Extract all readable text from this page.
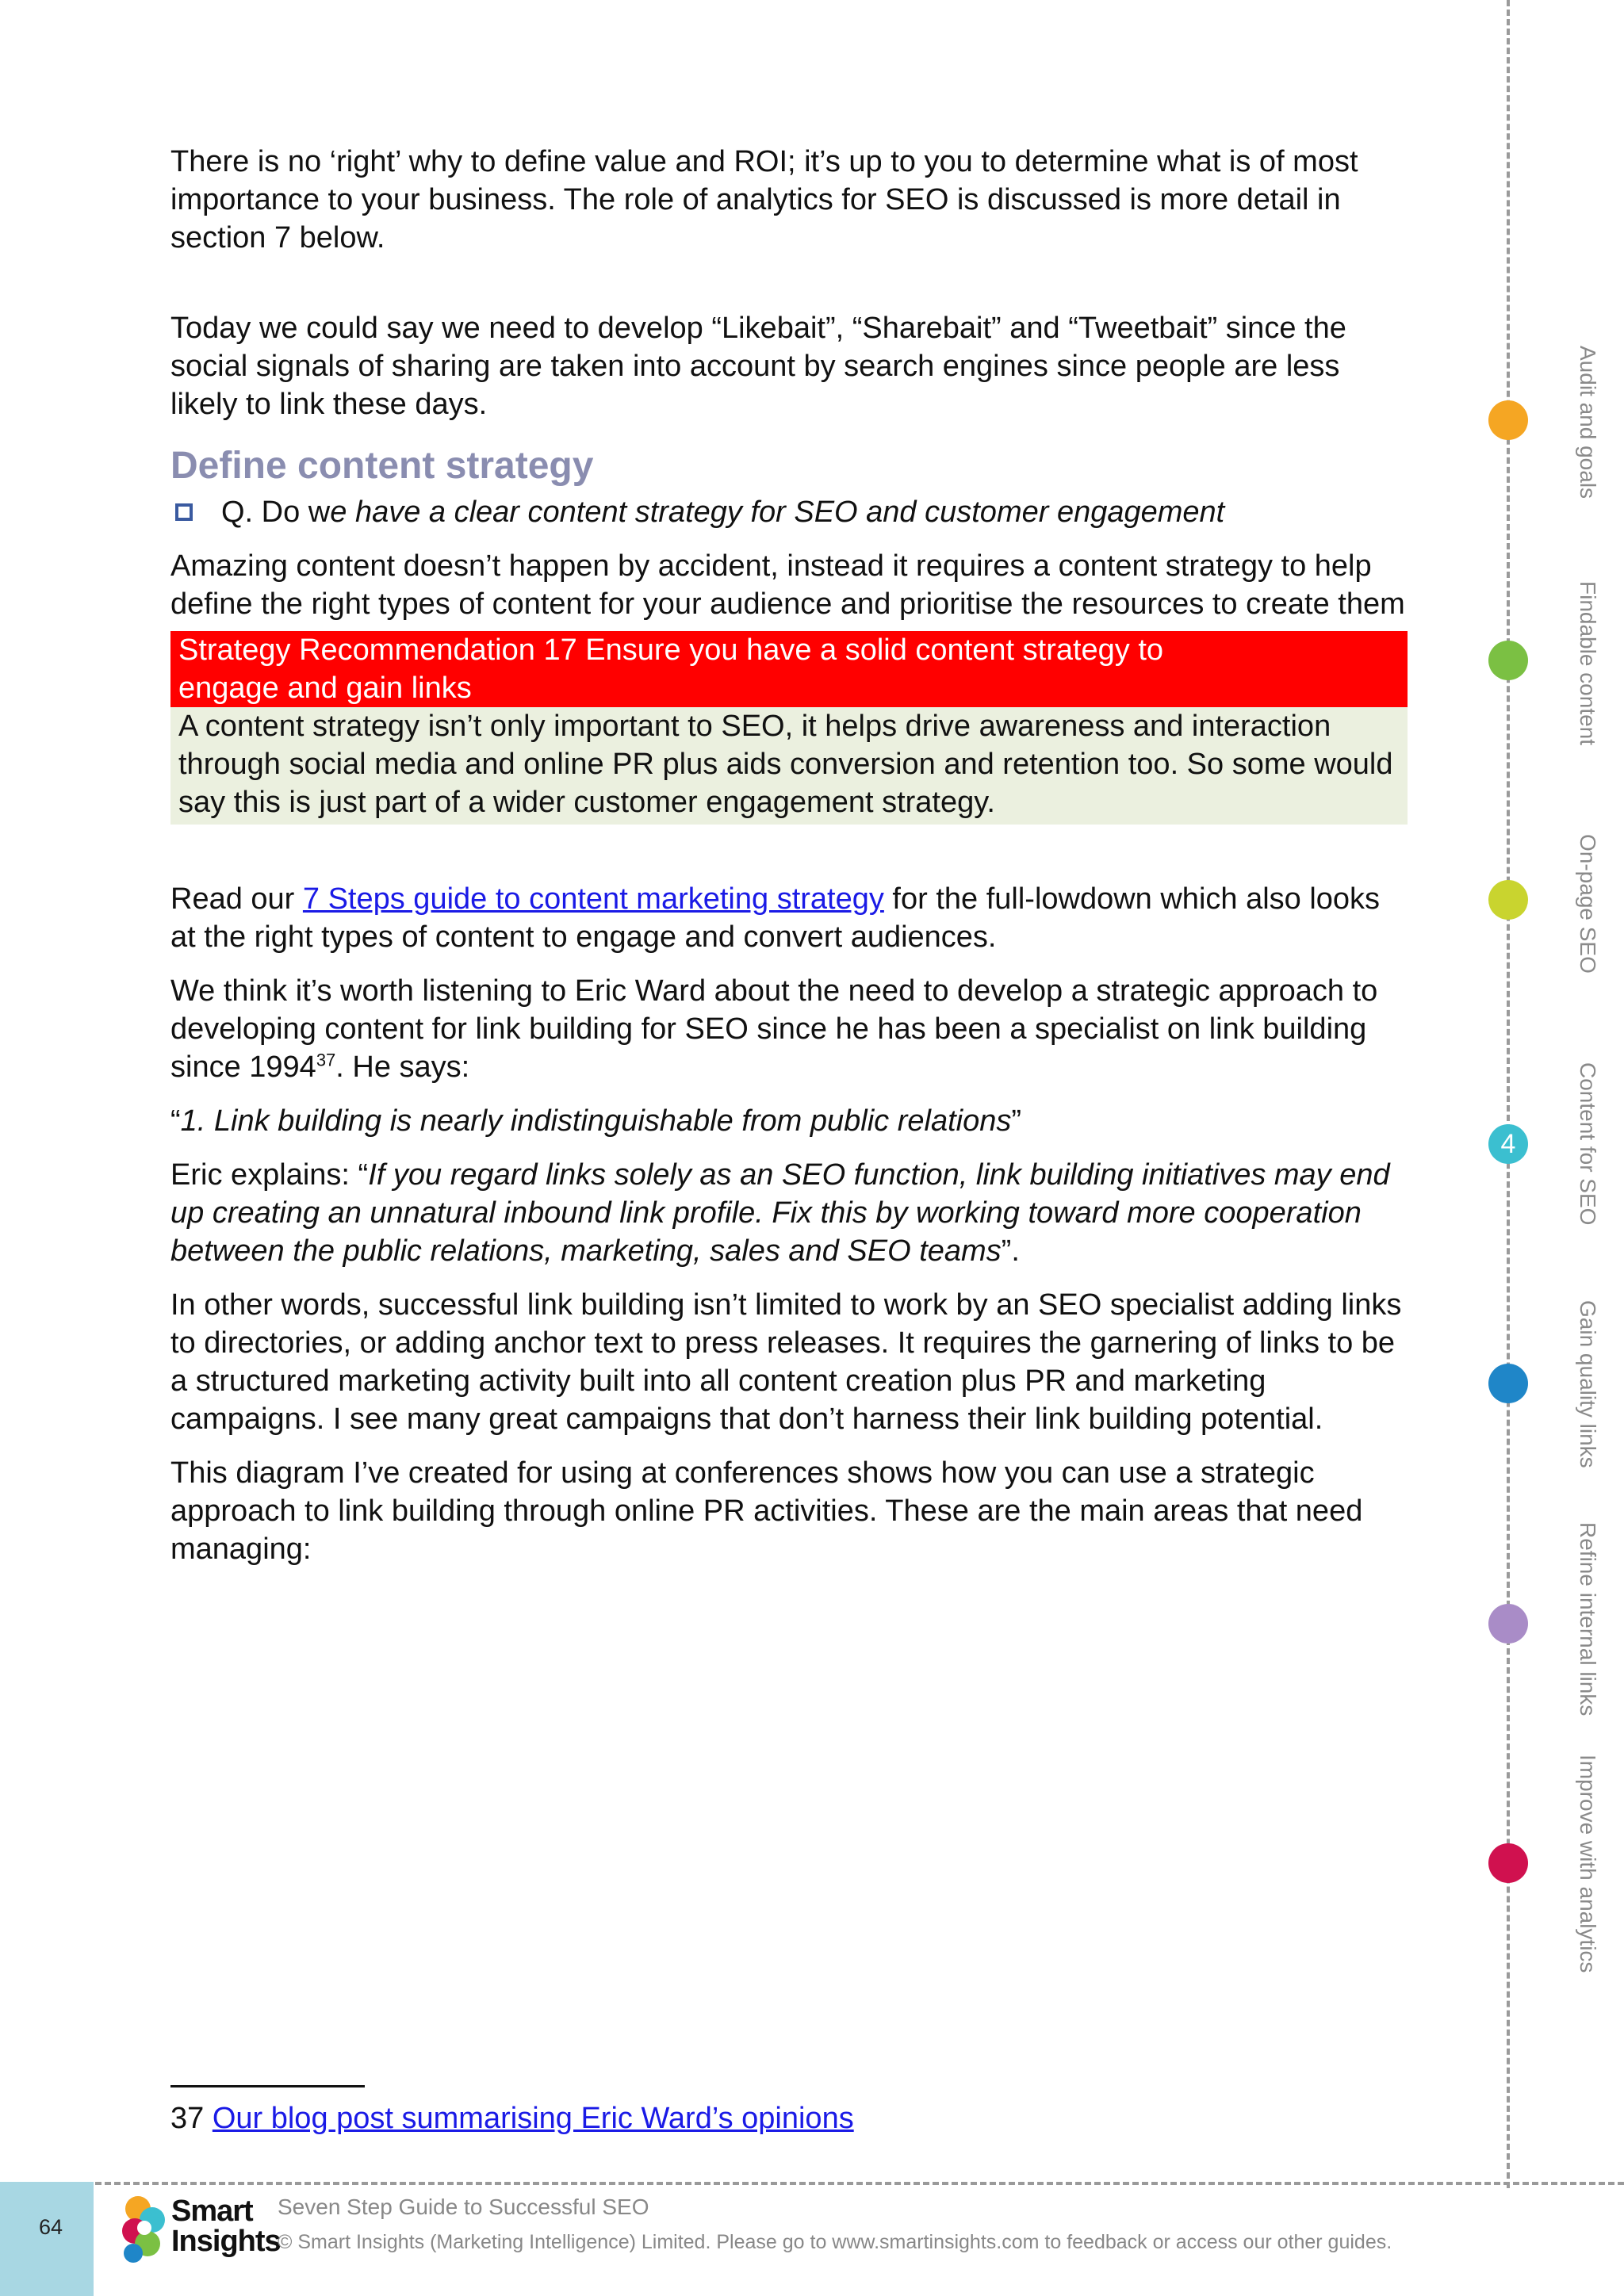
There is no ‘right’ why to define value and ROI; it’s up to you to determine what is of most importance to your business. The role of analytics for SEO is discussed is more detail in section 7 below.

Today we could say we need to develop “Likebait”, “Sharebait” and “Tweetbait” since the social signals of sharing are taken into account by search engines since people are less likely to link these days.

Define content strategy
Q. Do we have a clear content strategy for SEO and customer engagement

Amazing content doesn’t happen by accident, instead it requires a content strategy to help define the right types of content for your audience and prioritise the resources to create them

Strategy Recommendation 17 Ensure you have a solid content strategy to
engage and gain links
A content strategy isn’t only important to SEO, it helps drive awareness and interaction through social media and online PR plus aids conversion and retention too. So some would say this is just part of a wider customer engagement strategy.

Read our 7 Steps guide to content marketing strategy for the full-lowdown which also looks at the right types of content to engage and convert audiences.

We think it’s worth listening to Eric Ward about the need to develop a strategic approach to developing content for link building for SEO since he has been a specialist on link building since 1994$^{37}$. He says:

“1. Link building is nearly indistinguishable from public relations”

Eric explains: “If you regard links solely as an SEO function, link building initiatives may end up creating an unnatural inbound link profile. Fix this by working toward more cooperation between the public relations, marketing, sales and SEO teams”.

In other words, successful link building isn’t limited to work by an SEO specialist adding links to directories, or adding anchor text to press releases. It requires the garnering of links to be a structured marketing activity built into all content creation plus PR and marketing campaigns. I see many great campaigns that don’t harness their link building potential.

This diagram I’ve created for using at conferences shows how you can use a strategic approach to link building through online PR activities. These are the main areas that need managing:

37 Our blog post summarising Eric Ward’s opinions
Audit and goals
Findable content
On-page SEO
4	Content for SEO
Gain quality links
Refine internal links
Improve with analytics
64	Smart
Insights
Seven Step Guide to Successful SEO
© Smart Insights (Marketing Intelligence) Limited. Please go to www.smartinsights.com to feedback or access our other guides.
